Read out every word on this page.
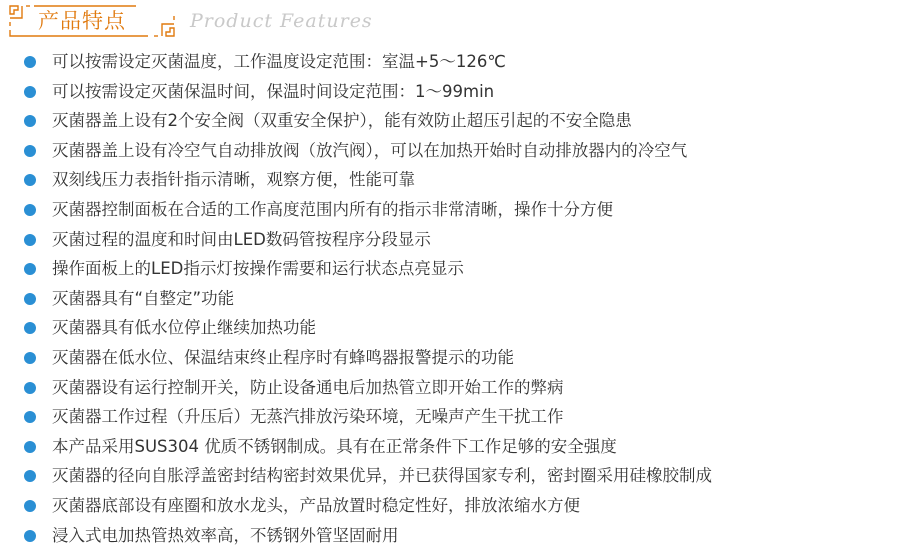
产品特点	Product Features
可以按需设定灭菌温度，工作温度设定范围：室温+5～126℃
可以按需设定灭菌保温时间，保温时间设定范围：1～99min
灭菌器盖上设有2个安全阀（双重安全保护），能有效防止超压引起的不安全隐患
灭菌器盖上设有冷空气自动排放阀（放汽阀），可以在加热开始时自动排放器内的冷空气
双刻线压力表指针指示清晰，观察方便，性能可靠
灭菌器控制面板在合适的工作高度范围内所有的指示非常清晰，操作十分方便
灭菌过程的温度和时间由LED数码管按程序分段显示
操作面板上的LED指示灯按操作需要和运行状态点亮显示
灭菌器具有“自整定”功能
灭菌器具有低水位停止继续加热功能
灭菌器在低水位、保温结束终止程序时有蜂鸣器报警提示的功能
灭菌器设有运行控制开关，防止设备通电后加热管立即开始工作的弊病
灭菌器工作过程（升压后）无蒸汽排放污染环境，无噪声产生干扰工作
本产品采用SUS304 优质不锈钢制成。具有在正常条件下工作足够的安全强度
灭菌器的径向自胀浮盖密封结构密封效果优异，并已获得国家专利，密封圈采用硅橡胶制成
灭菌器底部设有座圈和放水龙头，产品放置时稳定性好，排放浓缩水方便
浸入式电加热管热效率高，不锈钢外管坚固耐用
